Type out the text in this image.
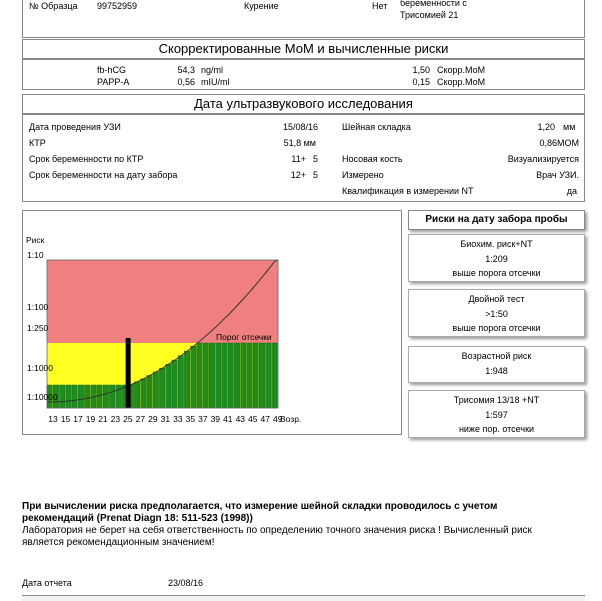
№ Образца 99752959	Курение	Нет беременности с
Трисомией 21
Скорректированные МоМ и вычисленные риски
fb-hCG	54,3 ng/ml	1,50 Скорр.МоМ
PAPP-A	0,56 mIU/ml	0,15 Скорр.МоМ
Дата ультразвукового исследования
Дата проведения УЗИ	15/08/16
КТР	51,8 мм
Срок беременности по КТР	11+ 5
Срок беременности на дату забора	12+ 5
Шейная складка	1,20 мм
0,86МОМ
Носовая кость	Визуализируется
Измерено	Врач УЗИ.
Квалификация в измерении NT	да
Риск
1:10
1:100
1:250
1:1000
1:10000
Порог отсечки
13 15 17 19 21 23 25 27 29 31 33 35 37 39 41 43 45 47 49
Возр.
Риски на дату забора пробы
Биохим. риск+NT
1:209
выше порога отсечки
Двойной тест
>1:50
выше порога отсечки
Возрастной риск
1:948
Трисомия 13/18 +NT
1:597
ниже пор. отсечки
При вычислении риска предполагается, что измерение шейной складки проводилось с учетом
рекомендаций (Prenat Diagn 18: 511-523 (1998))
Лаборатория не берет на себя ответственность по определению точного значения риска ! Вычисленный риск
является рекомендационным значением!
Дата отчета	23/08/16
